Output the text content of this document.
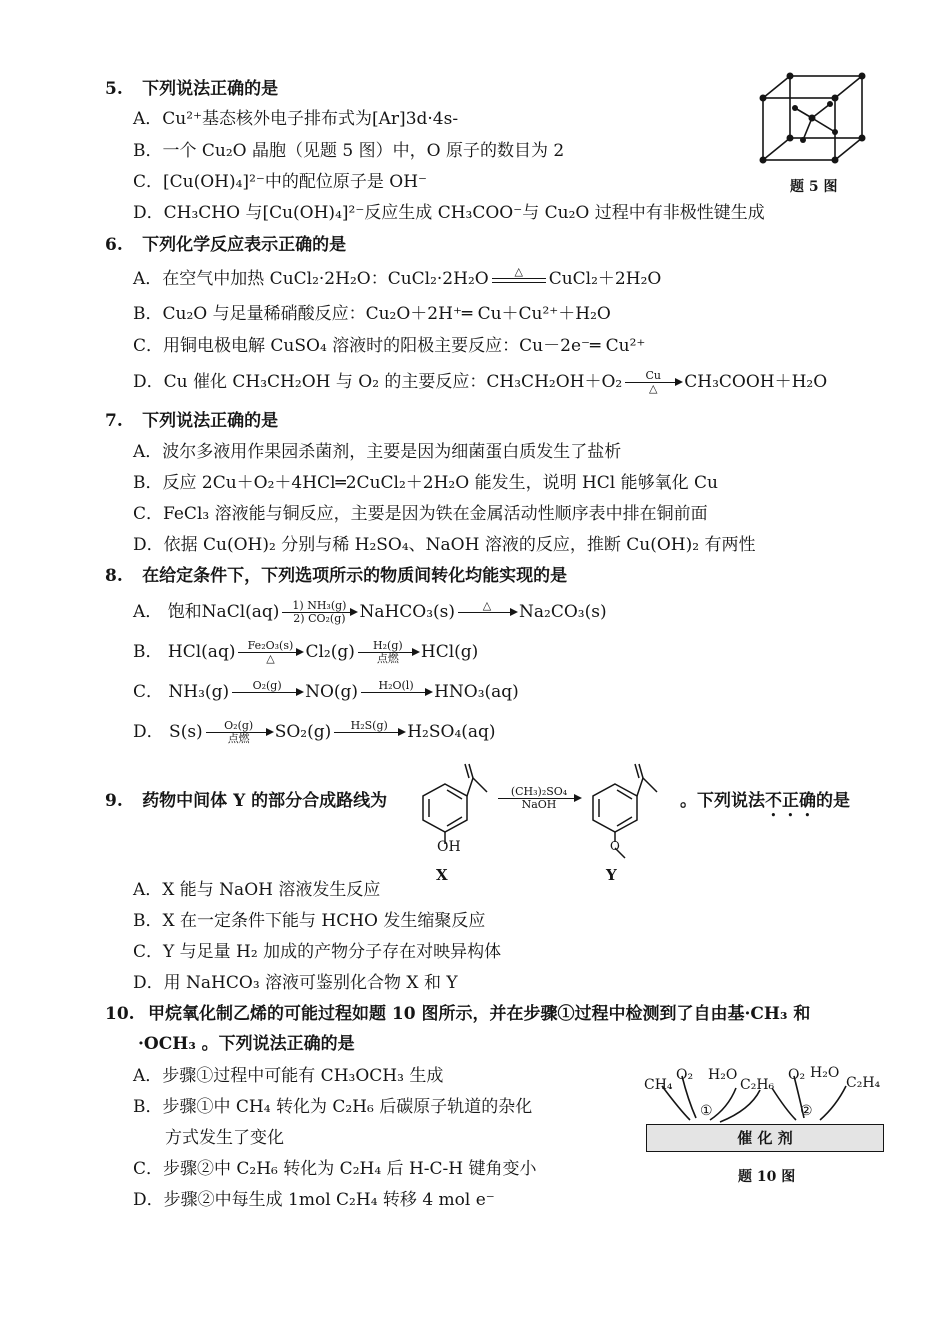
5. 下列说法正确的是
A．Cu²⁺基态核外电子排布式为[Ar]3d·4s-
B．一个 Cu₂O 晶胞（见题 5 图）中，O 原子的数目为 2
C．[Cu(OH)₄]²⁻中的配位原子是 OH⁻
D．CH₃CHO 与[Cu(OH)₄]²⁻反应生成 CH₃COO⁻与 Cu₂O 过程中有非极性键生成
题 5 图
6. 下列化学反应表示正确的是
A．在空气中加热 CuCl₂·2H₂O：CuCl₂·2H₂O	△	CuCl₂＋2H₂O
B．Cu₂O 与足量稀硝酸反应：Cu₂O＋2H⁺═ Cu＋Cu²⁺＋H₂O
C．用铜电极电解 CuSO₄ 溶液时的阳极主要反应：Cu－2e⁻═ Cu²⁺
D．Cu 催化 CH₃CH₂OH 与 O₂ 的主要反应：CH₃CH₂OH＋O₂	Cu
△	CH₃COOH＋H₂O
7. 下列说法正确的是
A．波尔多液用作果园杀菌剂，主要是因为细菌蛋白质发生了盐析
B．反应 2Cu＋O₂＋4HCl═2CuCl₂＋2H₂O 能发生，说明 HCl 能够氧化 Cu
C．FeCl₃ 溶液能与铜反应，主要是因为铁在金属活动性顺序表中排在铜前面
D．依据 Cu(OH)₂ 分别与稀 H₂SO₄、NaOH 溶液的反应，推断 Cu(OH)₂ 有两性
8. 在给定条件下，下列选项所示的物质间转化均能实现的是
A． 饱和NaCl(aq) $\frac{\text{1) NH₃(g)}}{\text{2) CO₂(g)}}$ NaHCO₃(s)	△
	Na₂CO₃(s)
B． HCl(aq)	Fe₂O₃(s)
△	Cl₂(g)	H₂(g)
点燃	HCl(g)
C． NH₃(g)	O₂(g)
	NO(g)	H₂O(l)
	HNO₃(aq)
D． S(s)	O₂(g)
点燃	SO₂(g)	H₂S(g)
	H₂SO₄(aq)
9. 药物中间体 Y 的部分合成路线为
OH
X
(CH₃)₂SO₄
NaOH
O
Y
。下列说法不正确的是
A．X 能与 NaOH 溶液发生反应
B．X 在一定条件下能与 HCHO 发生缩聚反应
C．Y 与足量 H₂ 加成的产物分子存在对映异构体
D．用 NaHCO₃ 溶液可鉴别化合物 X 和 Y
10. 甲烷氧化制乙烯的可能过程如题 10 图所示，并在步骤①过程中检测到了自由基·CH₃ 和
·OCH₃ 。下列说法正确的是
A．步骤①过程中可能有 CH₃OCH₃ 生成
B．步骤①中 CH₄ 转化为 C₂H₆ 后碳原子轨道的杂化
方式发生了变化
C．步骤②中 C₂H₆ 转化为 C₂H₄ 后 H-C-H 键角变小
D．步骤②中每生成 1mol C₂H₄ 转移 4 mol e⁻
CH₄
O₂ H₂O
C₂H₆
O₂ H₂O
C₂H₄
①	②
催 化 剂
题 10 图
